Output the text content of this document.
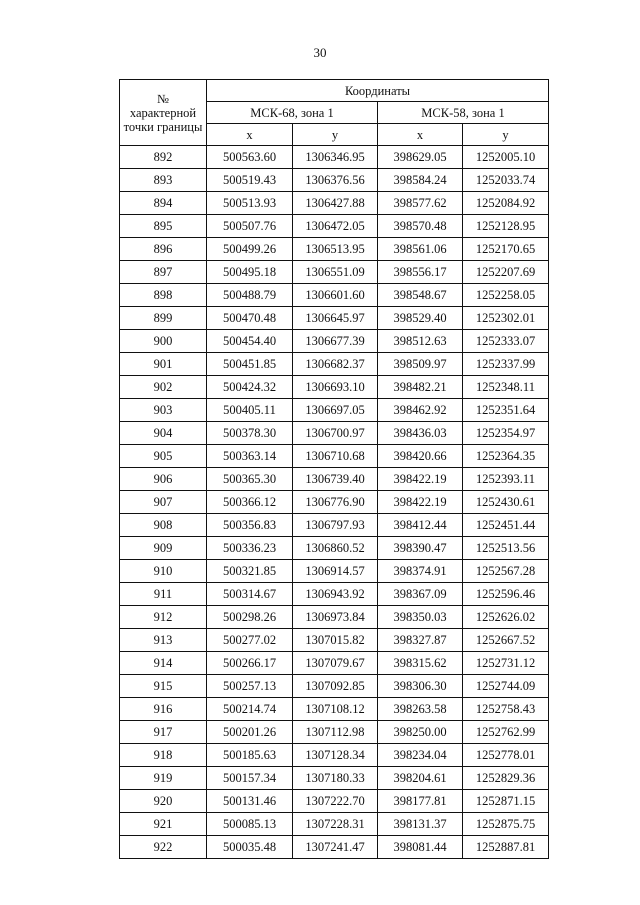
30
№
характерной
точки границы	Координаты			
	МСК-68, зона 1		МСК-58, зона 1	
	x	y	x	y
892	500563.60	1306346.95	398629.05	1252005.10
893	500519.43	1306376.56	398584.24	1252033.74
894	500513.93	1306427.88	398577.62	1252084.92
895	500507.76	1306472.05	398570.48	1252128.95
896	500499.26	1306513.95	398561.06	1252170.65
897	500495.18	1306551.09	398556.17	1252207.69
898	500488.79	1306601.60	398548.67	1252258.05
899	500470.48	1306645.97	398529.40	1252302.01
900	500454.40	1306677.39	398512.63	1252333.07
901	500451.85	1306682.37	398509.97	1252337.99
902	500424.32	1306693.10	398482.21	1252348.11
903	500405.11	1306697.05	398462.92	1252351.64
904	500378.30	1306700.97	398436.03	1252354.97
905	500363.14	1306710.68	398420.66	1252364.35
906	500365.30	1306739.40	398422.19	1252393.11
907	500366.12	1306776.90	398422.19	1252430.61
908	500356.83	1306797.93	398412.44	1252451.44
909	500336.23	1306860.52	398390.47	1252513.56
910	500321.85	1306914.57	398374.91	1252567.28
911	500314.67	1306943.92	398367.09	1252596.46
912	500298.26	1306973.84	398350.03	1252626.02
913	500277.02	1307015.82	398327.87	1252667.52
914	500266.17	1307079.67	398315.62	1252731.12
915	500257.13	1307092.85	398306.30	1252744.09
916	500214.74	1307108.12	398263.58	1252758.43
917	500201.26	1307112.98	398250.00	1252762.99
918	500185.63	1307128.34	398234.04	1252778.01
919	500157.34	1307180.33	398204.61	1252829.36
920	500131.46	1307222.70	398177.81	1252871.15
921	500085.13	1307228.31	398131.37	1252875.75
922	500035.48	1307241.47	398081.44	1252887.81
